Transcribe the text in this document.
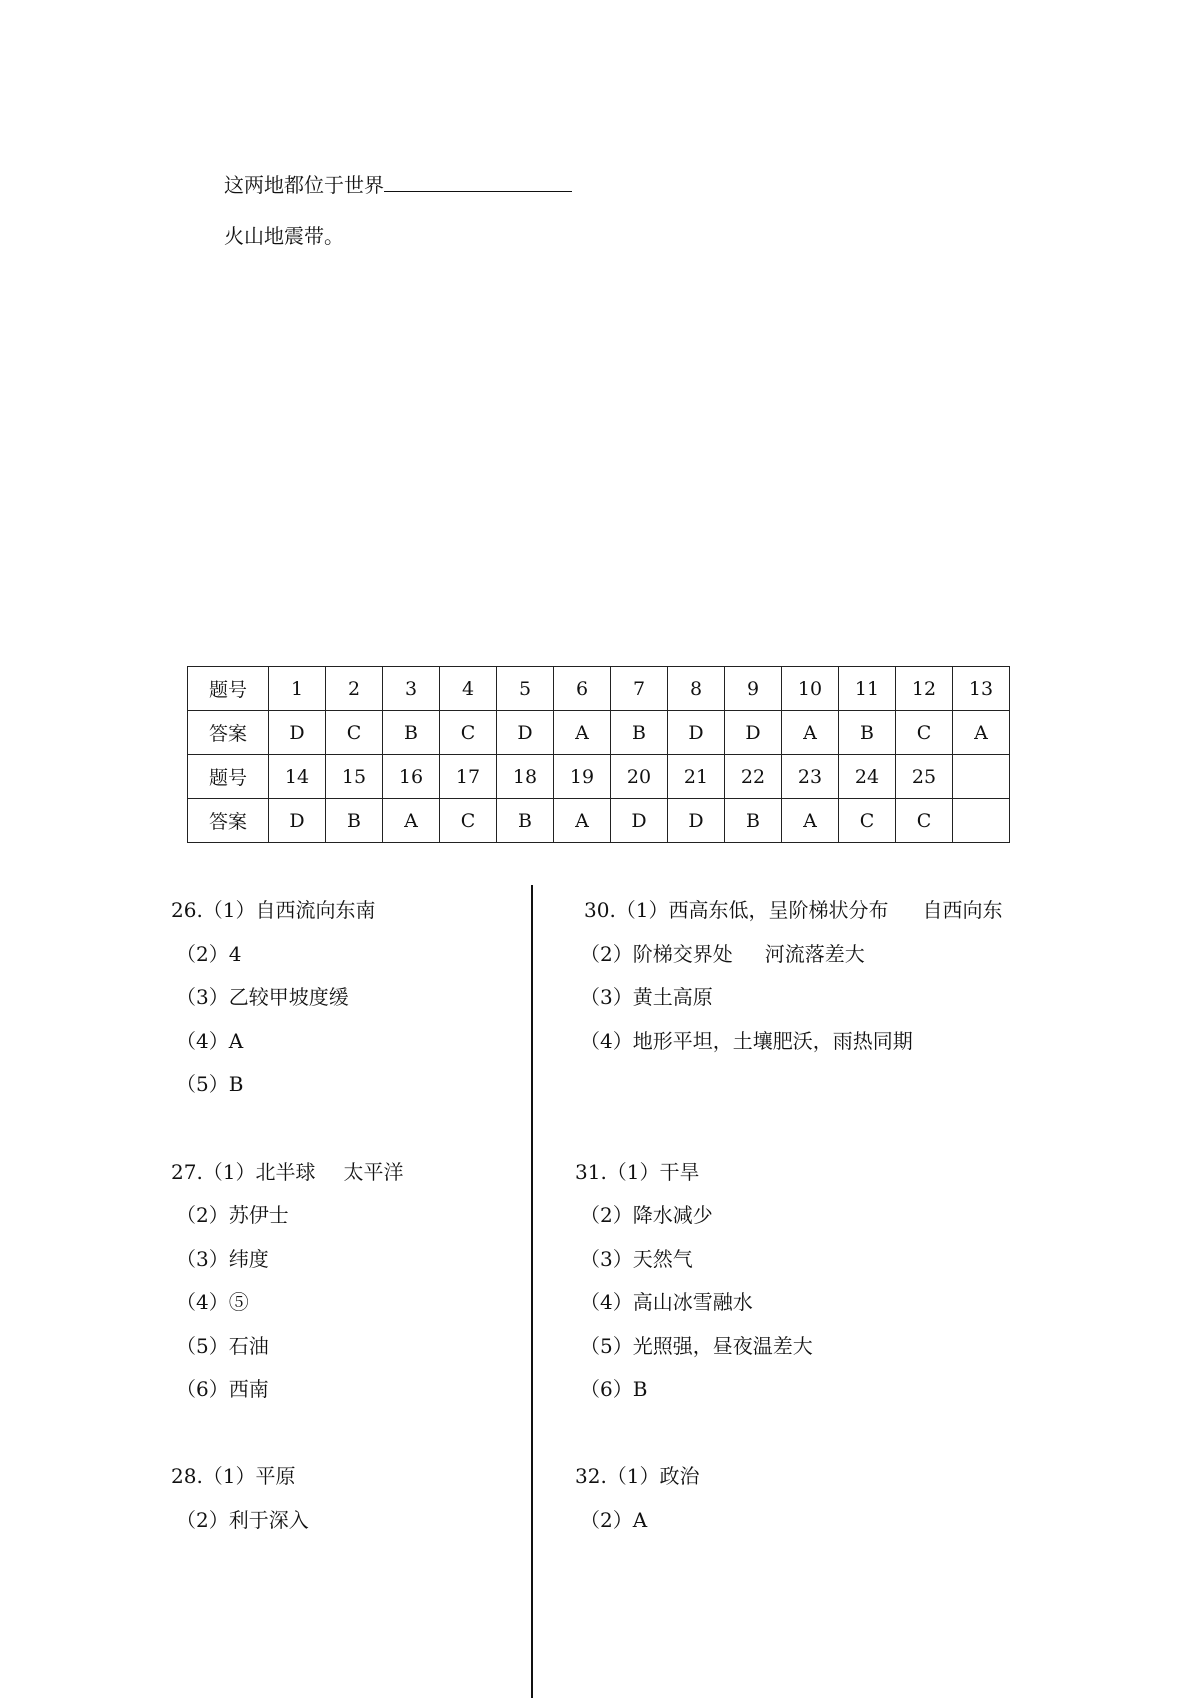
这两地都位于世界
火山地震带。
题号	1	2	3	4	5	6	7	8	9	10	11	12	13
答案	D	C	B	C	D	A	B	D	D	A	B	C	A
题号	14	15	16	17	18	19	20	21	22	23	24	25	
答案	D	B	A	C	B	A	D	D	B	A	C	C	
26.（1）自西流向东南
（2）4
（3）乙较甲坡度缓
（4）A
（5）B
27.（1）北半球 太平洋
（2）苏伊士
（3）纬度
（4）⑤
（5）石油
（6）西南
28.（1）平原
（2）利于深入
30.（1）西高东低，呈阶梯状分布 自西向东
（2）阶梯交界处 河流落差大
（3）黄土高原
（4）地形平坦，土壤肥沃，雨热同期
31.（1）干旱
（2）降水减少
（3）天然气
（4）高山冰雪融水
（5）光照强，昼夜温差大
（6）B
32.（1）政治
（2）A
